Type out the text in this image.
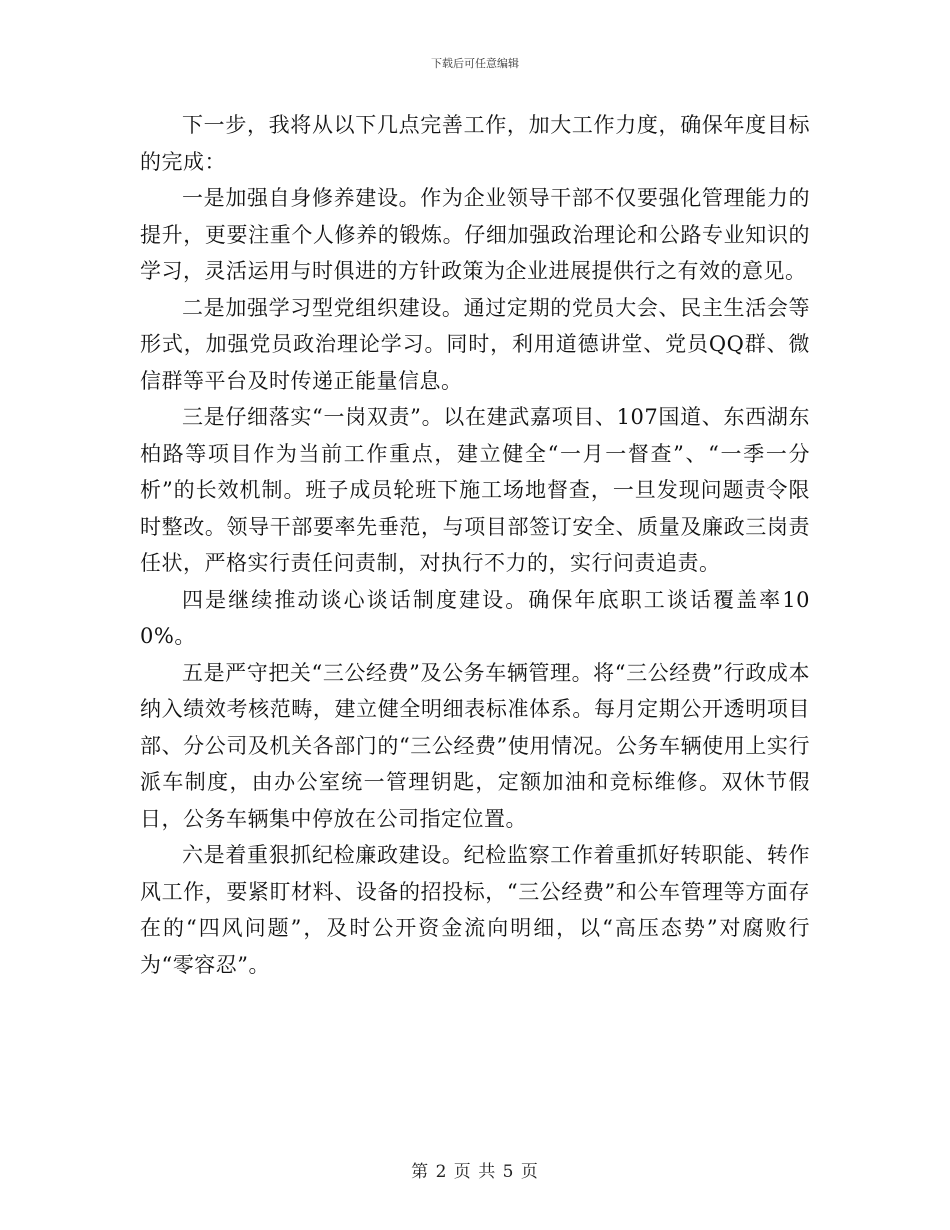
下载后可任意编辑

下一步，我将从以下几点完善工作，加大工作力度，确保年度目标的完成：

一是加强自身修养建设。作为企业领导干部不仅要强化管理能力的提升，更要注重个人修养的锻炼。仔细加强政治理论和公路专业知识的学习，灵活运用与时俱进的方针政策为企业进展提供行之有效的意见。

二是加强学习型党组织建设。通过定期的党员大会、民主生活会等形式，加强党员政治理论学习。同时，利用道德讲堂、党员QQ群、微信群等平台及时传递正能量信息。

三是仔细落实“一岗双责”。以在建武嘉项目、107国道、东西湖东柏路等项目作为当前工作重点，建立健全“一月一督查”、“一季一分析”的长效机制。班子成员轮班下施工场地督查，一旦发现问题责令限时整改。领导干部要率先垂范，与项目部签订安全、质量及廉政三岗责任状，严格实行责任问责制，对执行不力的，实行问责追责。

四是继续推动谈心谈话制度建设。确保年底职工谈话覆盖率100%。

五是严守把关“三公经费”及公务车辆管理。将“三公经费”行政成本纳入绩效考核范畴，建立健全明细表标准体系。每月定期公开透明项目部、分公司及机关各部门的“三公经费”使用情况。公务车辆使用上实行派车制度，由办公室统一管理钥匙，定额加油和竞标维修。双休节假日，公务车辆集中停放在公司指定位置。

六是着重狠抓纪检廉政建设。纪检监察工作着重抓好转职能、转作风工作，要紧盯材料、设备的招投标，“三公经费”和公车管理等方面存在的“四风问题”，及时公开资金流向明细，以“高压态势”对腐败行为“零容忍”。

第 2 页 共 5 页
